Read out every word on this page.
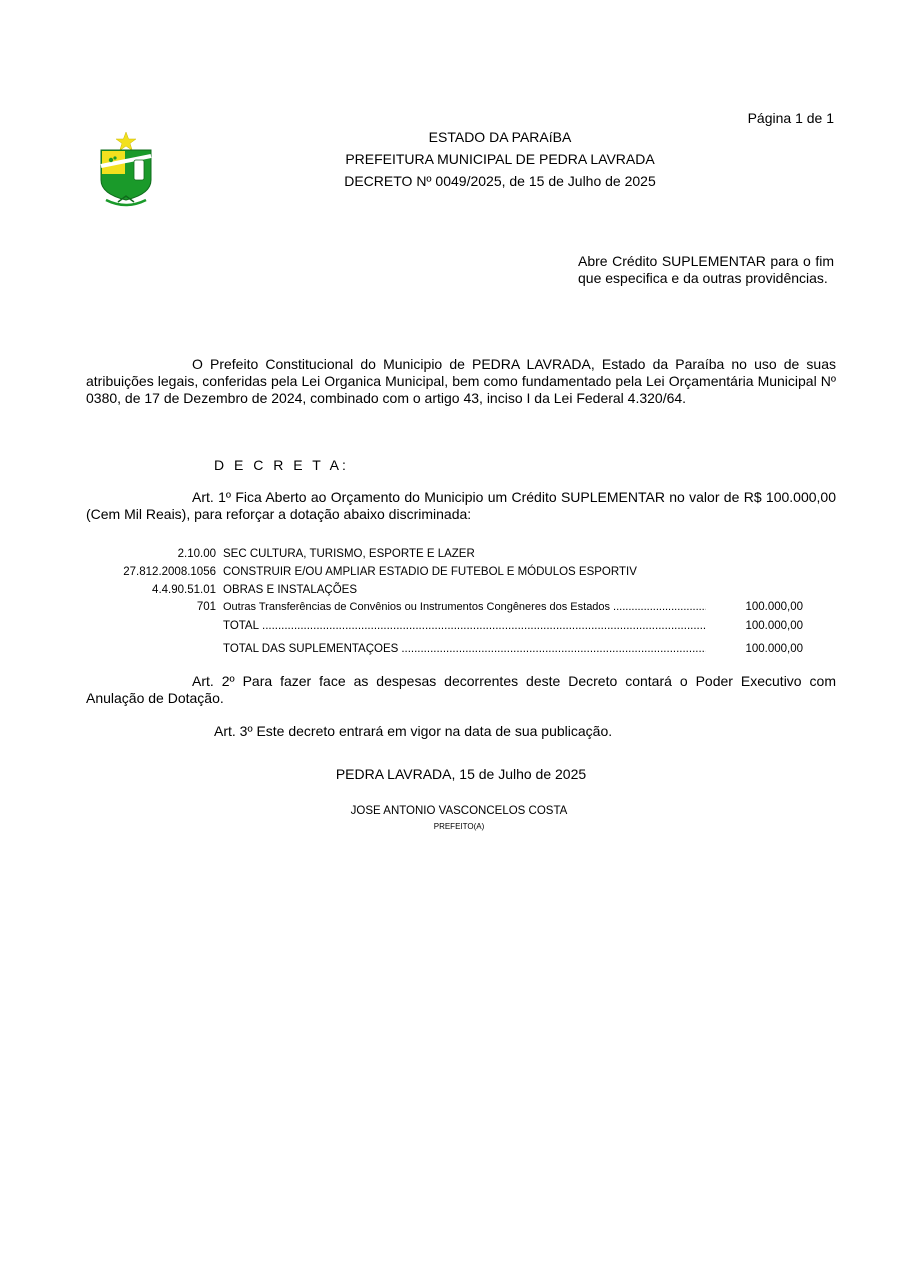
Página 1 de 1
ESTADO DA PARAíBA
PREFEITURA MUNICIPAL DE PEDRA LAVRADA
DECRETO Nº 0049/2025, de 15 de Julho de 2025
Abre Crédito SUPLEMENTAR para o fim que especifica e da outras providências.
O Prefeito Constitucional do Municipio de PEDRA LAVRADA, Estado da Paraíba no uso de suas atribuições legais, conferidas pela Lei Organica Municipal, bem como fundamentado pela Lei Orçamentária Municipal Nº 0380, de 17 de Dezembro de 2024, combinado com o artigo 43, inciso I da Lei Federal 4.320/64.
D E C R E T A:
Art. 1º Fica Aberto ao Orçamento do Municipio um Crédito SUPLEMENTAR no valor de R$ 100.000,00 (Cem Mil Reais), para reforçar a dotação abaixo discriminada:
2.10.00 SEC CULTURA, TURISMO, ESPORTE E LAZER
27.812.2008.1056 CONSTRUIR E/OU AMPLIAR ESTADIO DE FUTEBOL E MÓDULOS ESPORTIV
4.4.90.51.01 OBRAS E INSTALAÇÕES
701 Outras Transferências de Convênios ou Instrumentos Congêneres dos Estados .....	100.000,00
TOTAL .....	100.000,00
TOTAL DAS SUPLEMENTAÇÕES .....	100.000,00
Art. 2º Para fazer face as despesas decorrentes deste Decreto contará o Poder Executivo com Anulação de Dotação.
Art. 3º Este decreto entrará em vigor na data de sua publicação.
PEDRA LAVRADA, 15 de Julho de 2025
JOSE ANTONIO VASCONCELOS COSTA
PREFEITO(A)
